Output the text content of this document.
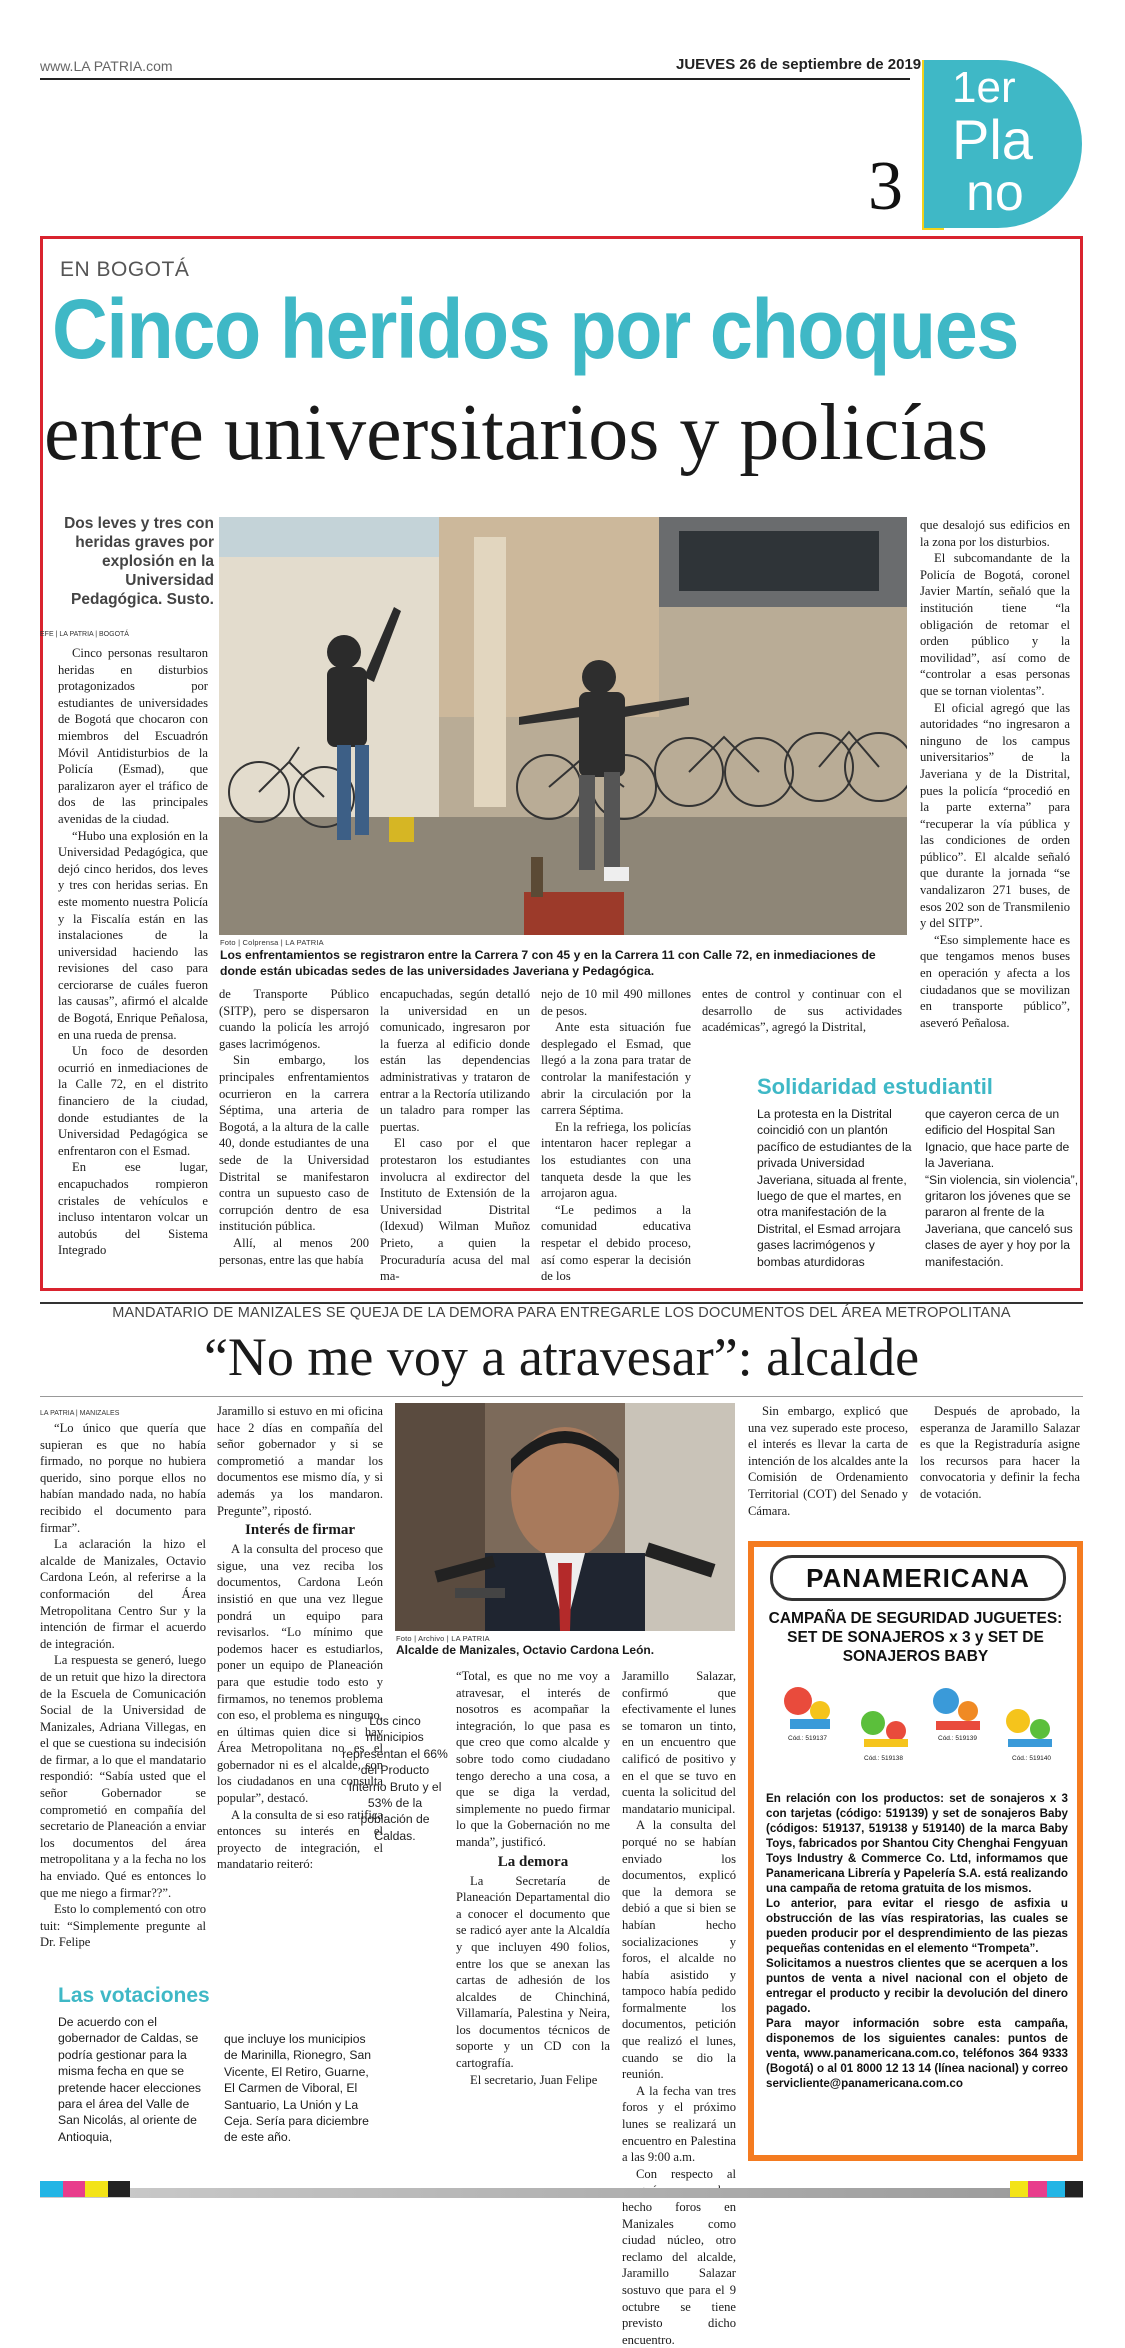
www.LA PATRIA.com	JUEVES 26 de septiembre de 2019
3
1er
Pla
no
EN BOGOTÁ
Cinco heridos por choques
entre universitarios y policías
Dos leves y tres con heridas graves por explosión en la Universidad Pedagógica. Susto.
EFE | LA PATRIA | BOGOTÁ
Foto | Colprensa | LA PATRIA
Los enfrentamientos se registraron entre la Carrera 7 con 45 y en la Carrera 11 con Calle 72, en inmediaciones de donde están ubicadas sedes de las universidades Javeriana y Pedagógica.

Cinco personas resultaron heridas en disturbios protagonizados por estudiantes de universidades de Bogotá que chocaron con miembros del Escuadrón Móvil Antidisturbios de la Policía (Esmad), que paralizaron ayer el tráfico de dos de las principales avenidas de la ciudad.

“Hubo una explosión en la Universidad Pedagógica, que dejó cinco heridos, dos leves y tres con heridas serias. En este momento nuestra Policía y la Fiscalía están en las instalaciones de la universidad haciendo las revisiones del caso para cerciorarse de cuáles fueron las causas”, afirmó el alcalde de Bogotá, Enrique Peñalosa, en una rueda de prensa.

Un foco de desorden ocurrió en inmediaciones de la Calle 72, en el distrito financiero de la ciudad, donde estudiantes de la Universidad Pedagógica se enfrentaron con el Esmad.

En ese lugar, encapuchados rompieron cristales de vehículos e incluso intentaron volcar un autobús del Sistema Integrado

de Transporte Público (SITP), pero se dispersaron cuando la policía les arrojó gases lacrimógenos.

Sin embargo, los principales enfrentamientos ocurrieron en la carrera Séptima, una arteria de Bogotá, a la altura de la calle 40, donde estudiantes de una sede de la Universidad Distrital se manifestaron contra un supuesto caso de corrupción dentro de esa institución pública.

Allí, al menos 200 personas, entre las que había

encapuchadas, según detalló la universidad en un comunicado, ingresaron por la fuerza al edificio donde están las dependencias administrativas y trataron de entrar a la Rectoría utilizando un taladro para romper las puertas.

El caso por el que protestaron los estudiantes involucra al exdirector del Instituto de Extensión de la Universidad Distrital (Idexud) Wilman Muñoz Prieto, a quien la Procuraduría acusa del mal ma-

nejo de 10 mil 490 millones de pesos.

Ante esta situación fue desplegado el Esmad, que llegó a la zona para tratar de controlar la manifestación y abrir la circulación por la carrera Séptima.

En la refriega, los policías intentaron hacer replegar a los estudiantes con una tanqueta desde la que les arrojaron agua.

“Le pedimos a la comunidad educativa respetar el debido proceso, así como esperar la decisión de los

entes de control y continuar con el desarrollo de sus actividades académicas”, agregó la Distrital,

que desalojó sus edificios en la zona por los disturbios.

El subcomandante de la Policía de Bogotá, coronel Javier Martín, señaló que la institución tiene “la obligación de retomar el orden público y la movilidad”, así como de “controlar a esas personas que se tornan violentas”.

El oficial agregó que las autoridades “no ingresaron a ninguno de los campus universitarios” de la Javeriana y de la Distrital, pues la policía “procedió en la parte externa” para “recuperar la vía pública y las condiciones de orden público”. El alcalde señaló que durante la jornada “se vandalizaron 271 buses, de esos 202 son de Transmilenio y del SITP”.

“Eso simplemente hace es que tengamos menos buses en operación y afecta a los ciudadanos que se movilizan en transporte público”, aseveró Peñalosa.

Solidaridad estudiantil
La protesta en la Distrital coincidió con un plantón pacífico de estudiantes de la privada Universidad Javeriana, situada al frente, luego de que el martes, en otra manifestación de la Distrital, el Esmad arrojara gases lacrimógenos y bombas aturdidoras
que cayeron cerca de un edificio del Hospital San Ignacio, que hace parte de la Javeriana.
“Sin violencia, sin violencia”, gritaron los jóvenes que se pararon al frente de la Javeriana, que canceló sus clases de ayer y hoy por la manifestación.
MANDATARIO DE MANIZALES SE QUEJA DE LA DEMORA PARA ENTREGARLE LOS DOCUMENTOS DEL ÁREA METROPOLITANA
“No me voy a atravesar”: alcalde
LA PATRIA | MANIZALES

“Lo único que quería que supieran es que no había firmado, no porque no hubiera querido, sino porque ellos no habían mandado nada, no había recibido el documento para firmar”.

La aclaración la hizo el alcalde de Manizales, Octavio Cardona León, al referirse a la conformación del Área Metropolitana Centro Sur y la intención de firmar el acuerdo de integración.

La respuesta se generó, luego de un retuit que hizo la directora de la Escuela de Comunicación Social de la Universidad de Manizales, Adriana Villegas, en el que se cuestiona su indecisión de firmar, a lo que el mandatario respondió: “Sabía usted que el señor Gobernador se comprometió en compañía del secretario de Planeación a enviar los documentos del área metropolitana y a la fecha no los ha enviado. Qué es entonces lo que me niego a firmar??”.

Esto lo complementó con otro tuit: “Simplemente pregunte al Dr. Felipe

Jaramillo si estuvo en mi oficina hace 2 días en compañía del señor gobernador y si se comprometió a mandar los documentos ese mismo día, y si además ya los mandaron. Pregunte”, ripostó.

Interés de firmar

A la consulta del proceso que sigue, una vez reciba los documentos, Cardona León insistió en que una vez llegue pondrá un equipo para revisarlos. “Lo mínimo que podemos hacer es estudiarlos, poner un equipo de Planeación para que estudie todo esto y firmamos, no tenemos problema con eso, el problema es ninguno, en últimas quien dice si hay Área Metropolitana no es el gobernador ni es el alcalde, son los ciudadanos en una consulta popular”, destacó.

A la consulta de si eso ratifica entonces su interés en el proyecto de integración, el mandatario reiteró:

Foto | Archivo | LA PATRIA
Alcalde de Manizales, Octavio Cardona León.
Los cinco municipios representan el 66% del Producto Interno Bruto y el 53% de la población de Caldas.

“Total, es que no me voy a atravesar, el interés de nosotros es acompañar la integración, lo que pasa es que creo que como alcalde y sobre todo como ciudadano tengo derecho a una cosa, a que se diga la verdad, simplemente no puedo firmar lo que la Gobernación no me manda”, justificó.

La demora

La Secretaría de Planeación Departamental dio a conocer el documento que se radicó ayer ante la Alcaldía y que incluyen 490 folios, entre los que se anexan las cartas de adhesión de los alcaldes de Chinchiná, Villamaría, Palestina y Neira, los documentos técnicos de soporte y un CD con la cartografía.

El secretario, Juan Felipe

Jaramillo Salazar, confirmó que efectivamente el lunes se tomaron un tinto, en un encuentro que calificó de positivo y en el que se tuvo en cuenta la solicitud del mandatario municipal.

A la consulta del porqué no se habían enviado los documentos, explicó que la demora se debió a que si bien se habían hecho socializaciones y foros, el alcalde no había asistido y tampoco había pedido formalmente los documentos, petición que realizó el lunes, cuando se dio la reunión.

A la fecha van tres foros y el próximo lunes se realizará un encuentro en Palestina a las 9:00 a.m.

Con respecto al hecho foros en Manizales como ciudad núcleo, otro reclamo del alcalde, Jaramillo Salazar sostuvo que para el 9 octubre se tiene previsto dicho encuentro.

Sin embargo, explicó que una vez superado este proceso, el interés es llevar la carta de intención de los alcaldes ante la Comisión de Ordenamiento Territorial (COT) del Senado y Cámara.

Después de aprobado, la esperanza de Jaramillo Salazar es que la Registraduría asigne los recursos para hacer la convocatoria y definir la fecha de votación.

Las votaciones
De acuerdo con el gobernador de Caldas, se podría gestionar para la misma fecha en que se pretende hacer elecciones para el área del Valle de San Nicolás, al oriente de Antioquia,
que incluye los municipios de Marinilla, Rionegro, San Vicente, El Retiro, Guarne, El Carmen de Viboral, El Santuario, La Unión y La Ceja. Sería para diciembre de este año.
PANAMERICANA
CAMPAÑA DE SEGURIDAD JUGUETES: SET DE SONAJEROS x 3 y SET DE SONAJEROS BABY
Cód.: 519137
Cód.: 519138
Cód.: 519139
Cód.: 519140
En relación con los productos: set de sonajeros x 3 con tarjetas (código: 519139) y set de sonajeros Baby (códigos: 519137, 519138 y 519140) de la marca Baby Toys, fabricados por Shantou City Chenghai Fengyuan Toys Industry & Commerce Co. Ltd, informamos que Panamericana Librería y Papelería S.A. está realizando una campaña de retoma gratuita de los mismos.
Lo anterior, para evitar el riesgo de asfixia u obstrucción de las vías respiratorias, las cuales se pueden producir por el desprendimiento de las piezas pequeñas contenidas en el elemento “Trompeta”.
Solicitamos a nuestros clientes que se acerquen a los puntos de venta a nivel nacional con el objeto de entregar el producto y recibir la devolución del dinero pagado.
Para mayor información sobre esta campaña, disponemos de los siguientes canales: puntos de venta, www.panamericana.com.co, teléfonos 364 9333 (Bogotá) o al 01 8000 12 13 14 (línea nacional) y correo servicliente@panamericana.com.co
